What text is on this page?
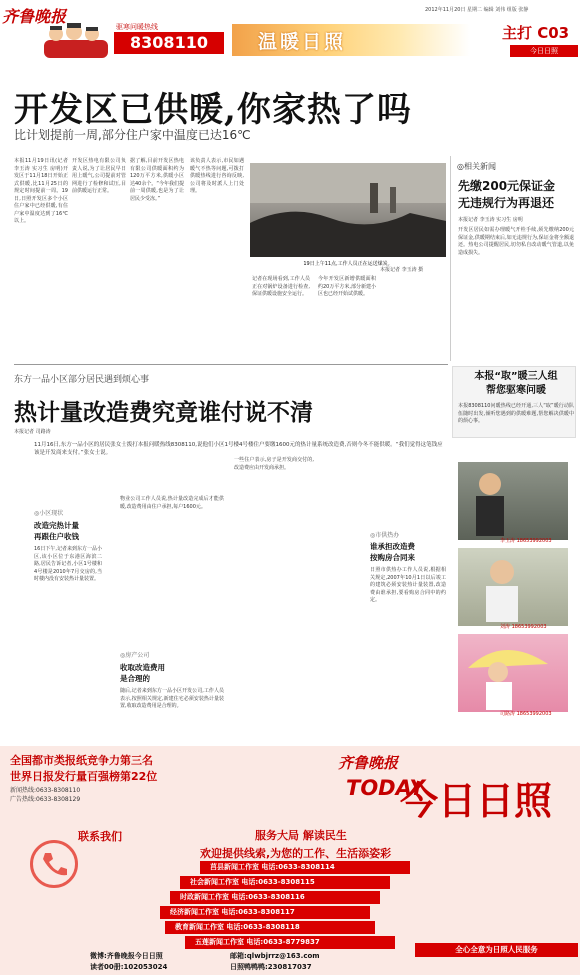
齐鲁晚报
驱寒问暖热线
8308110	温暖日照
2012年11月20日 星期二 编辑 刘伟 组版 张静
主打 C03
今日日照
开发区已供暖,你家热了吗
比计划提前一周,部分住户家中温度已达16℃

本报11月19日讯(记者 李玉涛 实习生 房明)开发区于11月18日开始正式供暖,比11月25日的规定时间提前一周。19日,日照开发区多个小区住户家中已经供暖,有住户家中温度达到了16℃以上。

开发区热电有限公司负责人说,为了让居民早日用上暖气,公司提前对管网进行了检修和试压,目前供暖运行正常。

据了解,目前开发区热电有限公司供暖面积约为120万平方米,供暖小区达40余个。“今年我们提前一周供暖,也是为了让居民少受冻。”

该负责人表示,市民如遇暖气不热等问题,可拨打供暖热线进行咨询反映,公司将及时派人上门处理。

记者在现场看到,工作人员正在对锅炉设备进行检查,保证供暖设施安全运行。

今年开发区新增供暖面积约20万平方米,部分新建小区也已经开始试供暖。

19日上午11点,工作人员正在运送煤炭。
本报记者 李玉涛 摄
◎相关新闻
先缴200元保证金
无违规行为再退还
本报记者 李玉涛 实习生 房明

开发区居民如需办理暖气开栓手续,须先缴纳200元保证金,供暖期结束后,如无违规行为,保证金将全额退还。热电公司提醒居民,切勿私自改动暖气管道,以免造成损失。

东方一品小区部分居民遇到烦心事
热计量改造费究竟谁付说不清
本报记者 司路涛
11月16日,东方一品小区的居民张女士拨打本报问暖热线8308110,说他们小区1号楼4号楼住户要缴1600元的热计量系统改造费,否则今冬不能供暖。“我们觉得这笔钱应该是开发商来支付。”张女士说。
◎小区现状
改造完热计量
再跟住户收钱

16日下午,记者来到东方一品小区,该小区位于东港区海滨二路,居民告诉记者,小区1号楼和4号楼是2010年7月交房的,当时楼内没有安装热计量装置。

物业公司工作人员说,热计量改造完成后才能供暖,改造费用由住户承担,每户1600元。

◎房产公司
收取改造费用
是合理的

随后,记者来到东方一品小区开发公司,工作人员表示,按照相关规定,新建住宅必须安装热计量装置,收取改造费用是合理的。

一些住户表示,房子是开发商交付的,改造费应由开发商承担。

◎市供热办
谁承担改造费
按购房合同来

日照市供热办工作人员说,根据相关规定,2007年10月1日以后竣工的建筑必须安装热计量装置,改造费由谁承担,要看购房合同中的约定。

本报“取”暖三人组
帮您驱寒问暖

本报8308110问暖热线已经开通,三人“取”暖行动队伍随时出发,倾听您遇到的供暖难题,帮您解决供暖中的烦心事。

李玉涛 18653992003
刘涛 18653992003
司路涛 18653992003
全国都市类报纸竞争力第三名
世界日报发行量百强榜第22位
新闻热线:0633-8308110
广告热线:0633-8308129
联系我们
齐鲁晚报
TODAY
今日日照
服务大局 解读民生
欢迎提供线索,为您的工作、生活添姿彩
莒县新闻工作室 电话:0633-8308114
社会新闻工作室 电话:0633-8308115
时政新闻工作室 电话:0633-8308116
经济新闻工作室 电话:0633-8308117
教育新闻工作室 电话:0633-8308118
五莲新闻工作室 电话:0633-8779837
微博:齐鲁晚报今日日照
读者00册:102053024
邮箱:qlwbjrrz@163.com
日照鸭鸭鸭:230817037
全心全意为日照人民服务
